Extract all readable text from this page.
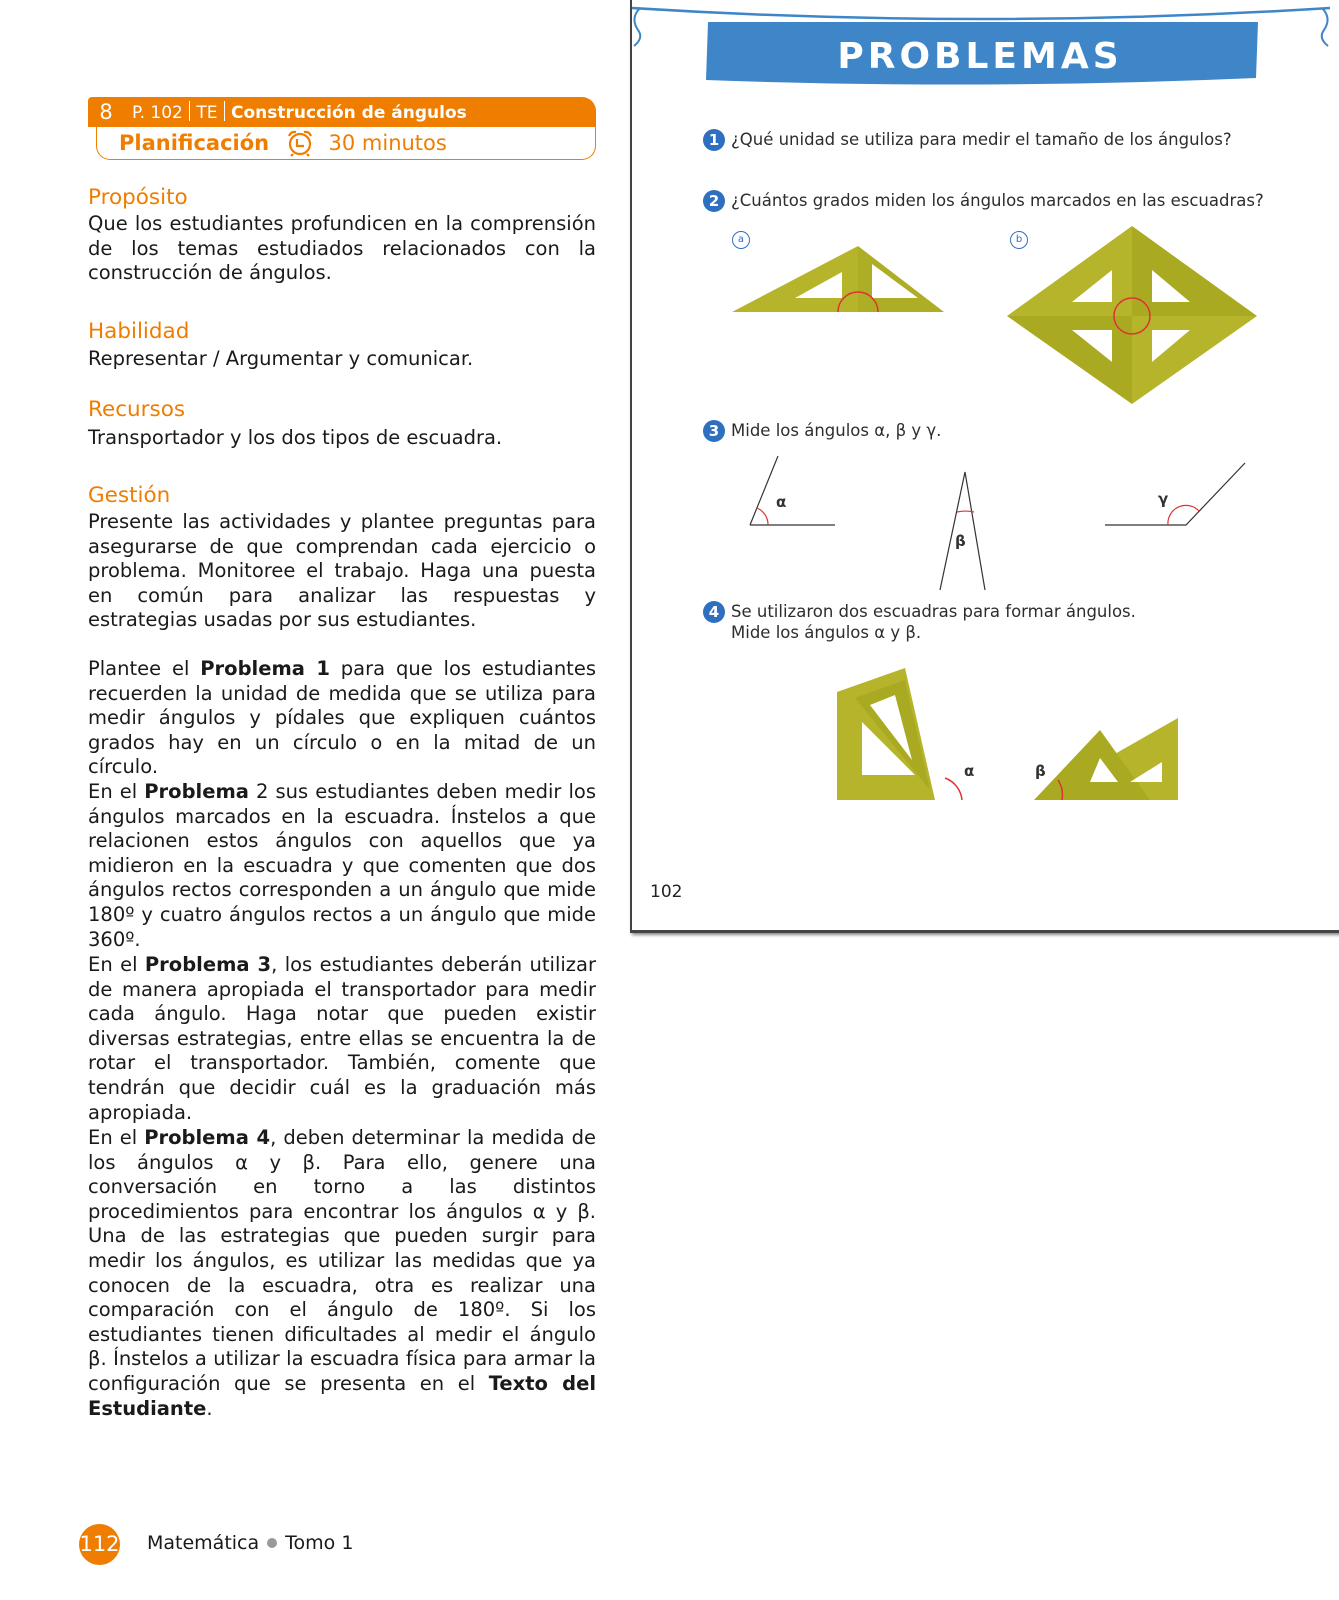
8	P. 102 TE Construcción de ángulos
Planificación	30 minutos
Propósito

Que los estudiantes profundicen en la comprensión de los temas estudiados relacionados con la construcción de ángulos.

Habilidad

Representar / Argumentar y comunicar.

Recursos

Transportador y los dos tipos de escuadra.

Gestión

Presente las actividades y plantee preguntas para asegurarse de que comprendan cada ejercicio o problema. Monitoree el trabajo. Haga una puesta en común para analizar las respuestas y estrategias usadas por sus estudiantes.

Plantee el Problema 1 para que los estudiantes recuerden la unidad de medida que se utiliza para medir ángulos y pídales que expliquen cuántos grados hay en un círculo o en la mitad de un círculo.

En el Problema 2 sus estudiantes deben medir los ángulos marcados en la escuadra. Ínstelos a que relacionen estos ángulos con aquellos que ya midieron en la escuadra y que comenten que dos ángulos rectos corresponden a un ángulo que mide 180º y cuatro ángulos rectos a un ángulo que mide 360º.

En el Problema 3, los estudiantes deberán utilizar de manera apropiada el transportador para medir cada ángulo. Haga notar que pueden existir diversas estrategias, entre ellas se encuentra la de rotar el transportador. También, comente que tendrán que decidir cuál es la graduación más apropiada.

En el Problema 4, deben determinar la medida de los ángulos α y β. Para ello, genere una conversación en torno a las distintos procedimientos para encontrar los ángulos α y β. Una de las estrategias que pueden surgir para medir los ángulos, es utilizar las medidas que ya conocen de la escuadra, otra es realizar una comparación con el ángulo de 180º. Si los estudiantes tienen dificultades al medir el ángulo β. Ínstelos a utilizar la escuadra física para armar la configuración que se presenta en el Texto del Estudiante.

112 Matemática Tomo 1
PROBLEMAS
1 ¿Qué unidad se utiliza para medir el tamaño de los ángulos?
2 ¿Cuántos grados miden los ángulos marcados en las escuadras?
a	b
3 Mide los ángulos α, β y γ.
α
β
γ
4 Se utilizaron dos escuadras para formar ángulos.
Mide los ángulos α y β.
α	β
102
